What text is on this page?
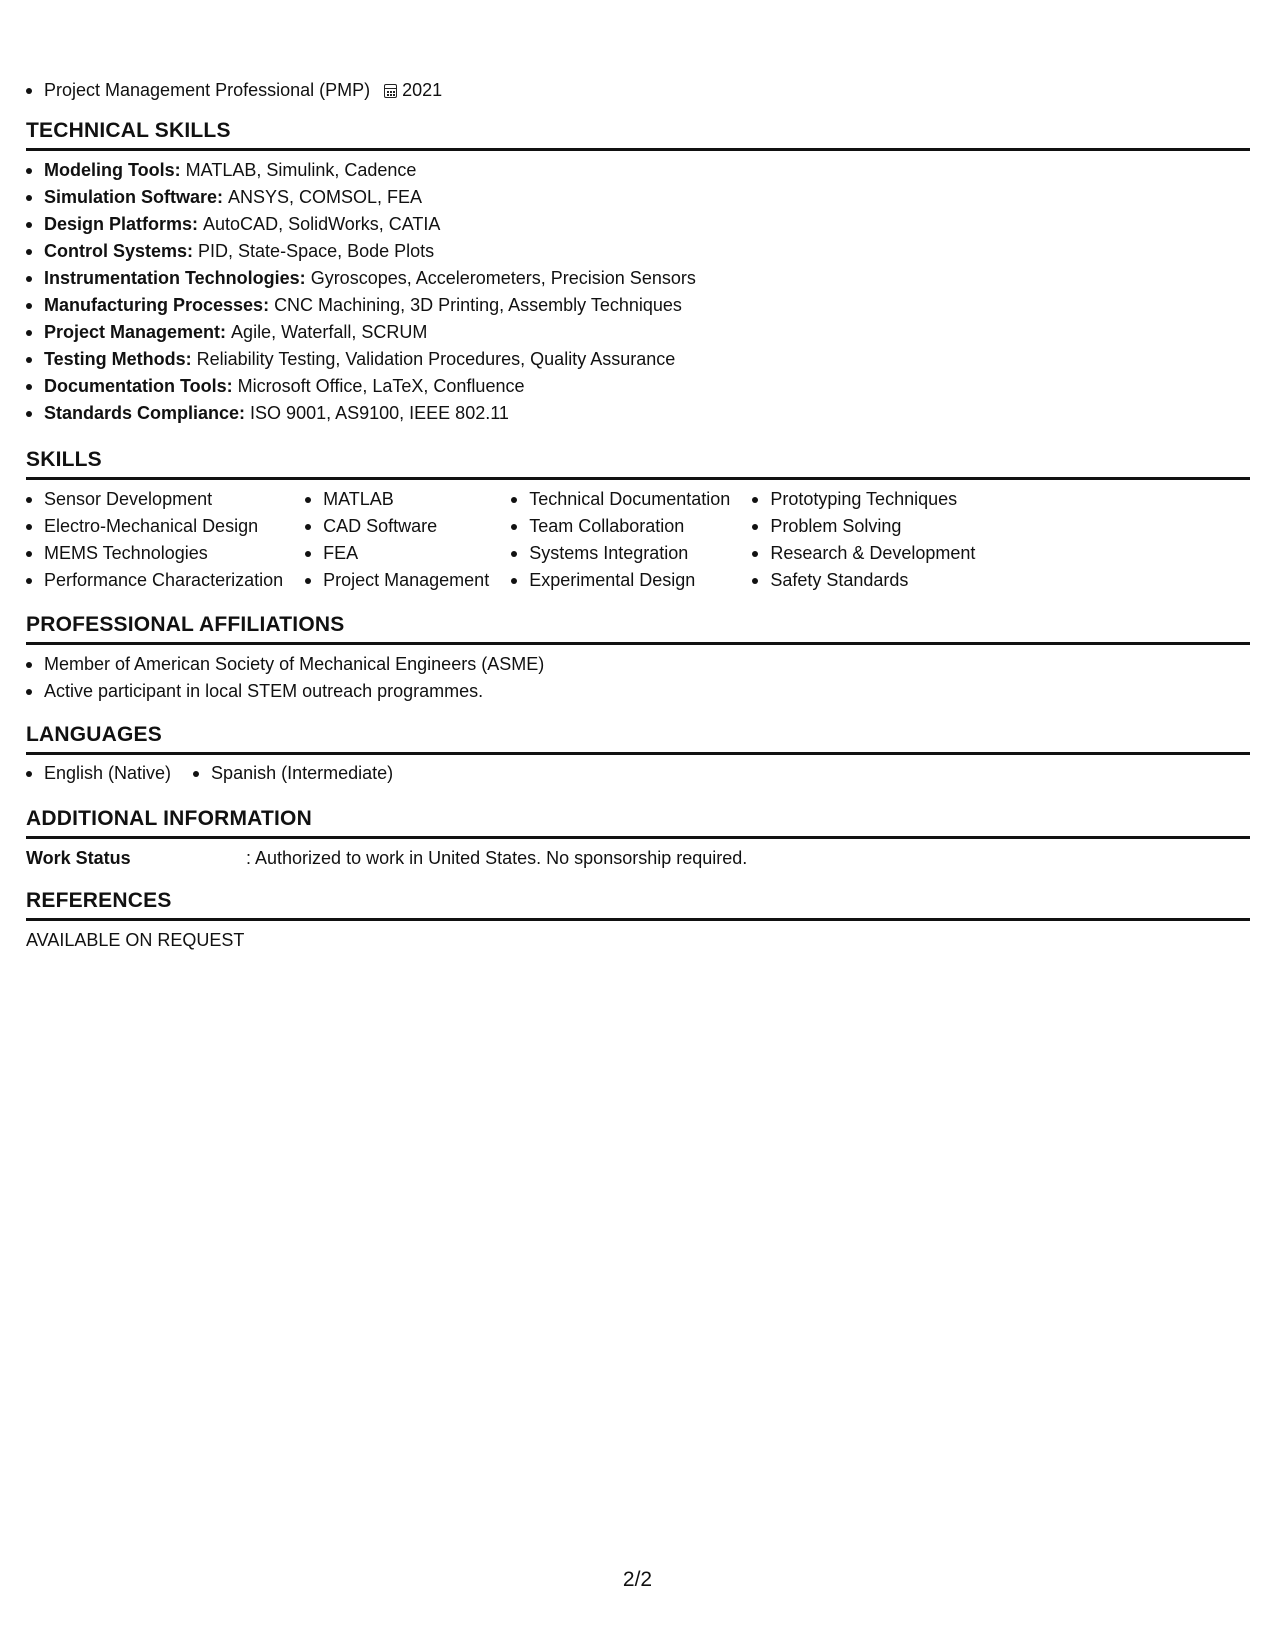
Project Management Professional (PMP) 2021
TECHNICAL SKILLS
Modeling Tools: MATLAB, Simulink, Cadence
Simulation Software: ANSYS, COMSOL, FEA
Design Platforms: AutoCAD, SolidWorks, CATIA
Control Systems: PID, State-Space, Bode Plots
Instrumentation Technologies: Gyroscopes, Accelerometers, Precision Sensors
Manufacturing Processes: CNC Machining, 3D Printing, Assembly Techniques
Project Management: Agile, Waterfall, SCRUM
Testing Methods: Reliability Testing, Validation Procedures, Quality Assurance
Documentation Tools: Microsoft Office, LaTeX, Confluence
Standards Compliance: ISO 9001, AS9100, IEEE 802.11
SKILLS
Sensor Development
Electro-Mechanical Design
MEMS Technologies
Performance Characterization
MATLAB
CAD Software
FEA
Project Management
Technical Documentation
Team Collaboration
Systems Integration
Experimental Design
Prototyping Techniques
Problem Solving
Research & Development
Safety Standards
PROFESSIONAL AFFILIATIONS
Member of American Society of Mechanical Engineers (ASME)
Active participant in local STEM outreach programmes.
LANGUAGES
English (Native) Spanish (Intermediate)
ADDITIONAL INFORMATION
Work Status	: Authorized to work in United States. No sponsorship required.
REFERENCES
AVAILABLE ON REQUEST
2/2
